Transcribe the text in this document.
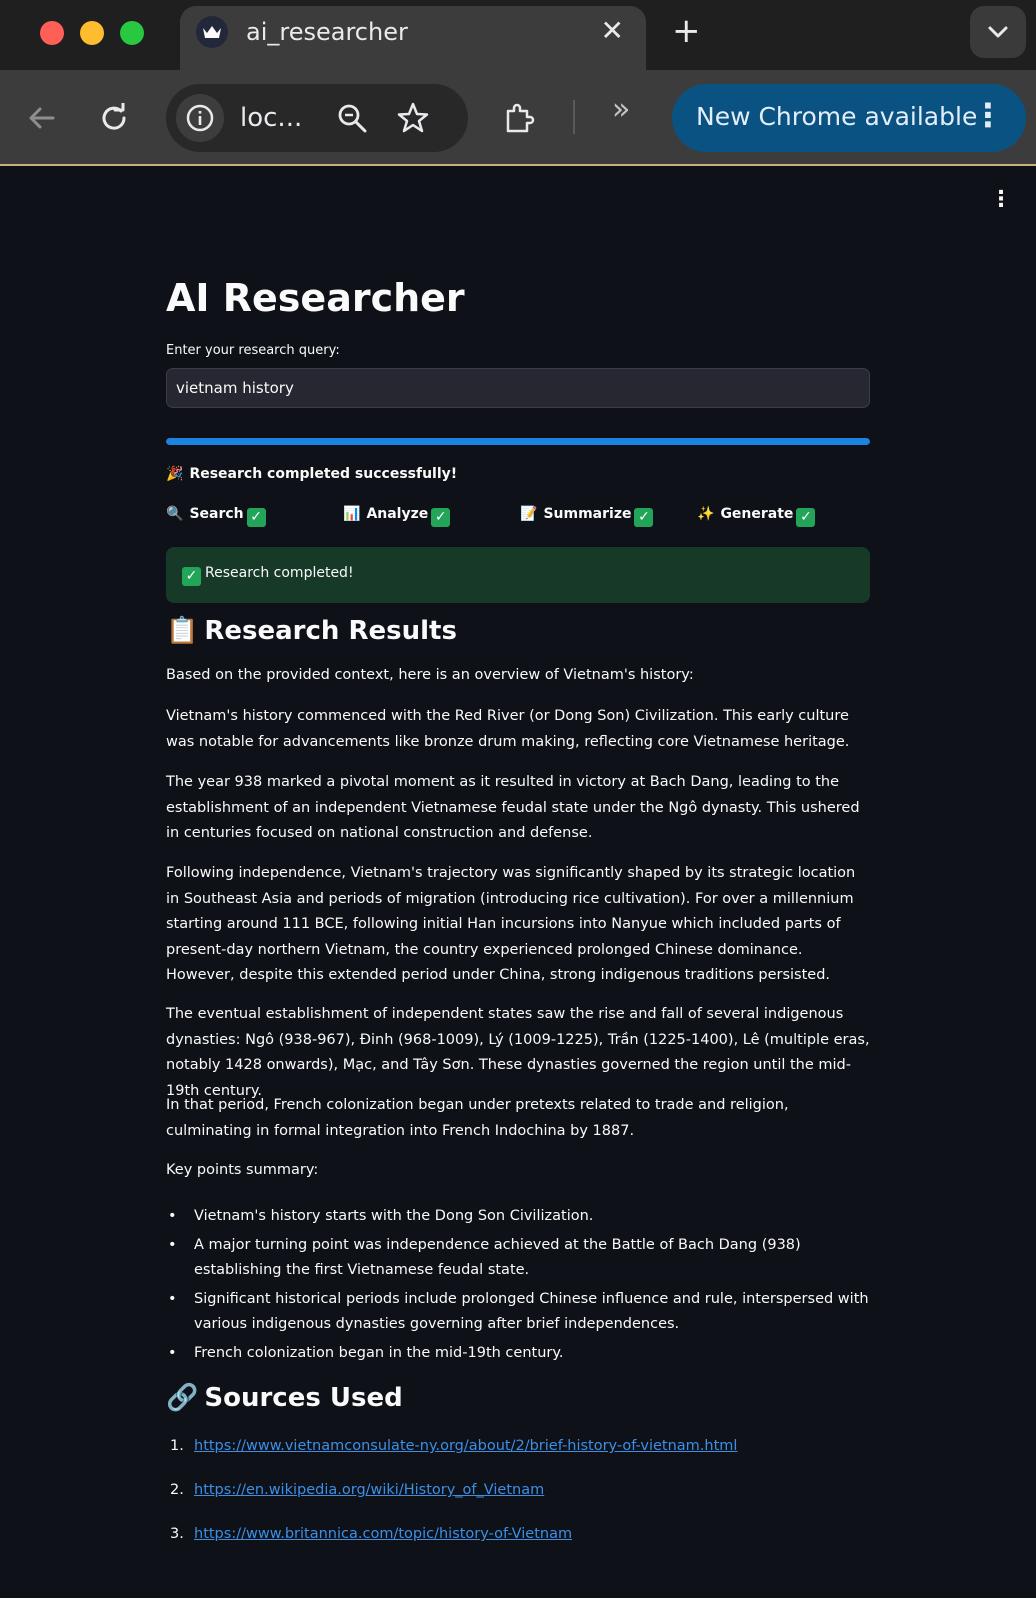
ai_researcher	✕ +
loc...	»	New Chrome available
⋮
⋮
AI Researcher
Enter your research query:
vietnam history
🎉 Research completed successfully!
🔍 Search ✓	📊 Analyze ✓	📝 Summarize ✓	✨ Generate ✓
✓ Research completed!
📋 Research Results

Based on the provided context, here is an overview of Vietnam's history:

Vietnam's history commenced with the Red River (or Dong Son) Civilization. This early culture was notable for advancements like bronze drum making, reflecting core Vietnamese heritage.

The year 938 marked a pivotal moment as it resulted in victory at Bach Dang, leading to the establishment of an independent Vietnamese feudal state under the Ngô dynasty. This ushered in centuries focused on national construction and defense.

Following independence, Vietnam's trajectory was significantly shaped by its strategic location in Southeast Asia and periods of migration (introducing rice cultivation). For over a millennium starting around 111 BCE, following initial Han incursions into Nanyue which included parts of present-day northern Vietnam, the country experienced prolonged Chinese dominance. However, despite this extended period under China, strong indigenous traditions persisted.

The eventual establishment of independent states saw the rise and fall of several indigenous dynasties: Ngô (938-967), Đinh (968-1009), Lý (1009-1225), Trần (1225-1400), Lê (multiple eras, notably 1428 onwards), Mạc, and Tây Sơn. These dynasties governed the region until the mid-19th century.

In that period, French colonization began under pretexts related to trade and religion, culminating in formal integration into French Indochina by 1887.

Key points summary:

• Vietnam's history starts with the Dong Son Civilization.
• A major turning point was independence achieved at the Battle of Bach Dang (938) establishing the first Vietnamese feudal state.
• Significant historical periods include prolonged Chinese influence and rule, interspersed with various indigenous dynasties governing after brief independences.
• French colonization began in the mid-19th century.
🔗 Sources Used
1. https://www.vietnamconsulate-ny.org/about/2/brief-history-of-vietnam.html
2. https://en.wikipedia.org/wiki/History_of_Vietnam
3. https://www.britannica.com/topic/history-of-Vietnam
